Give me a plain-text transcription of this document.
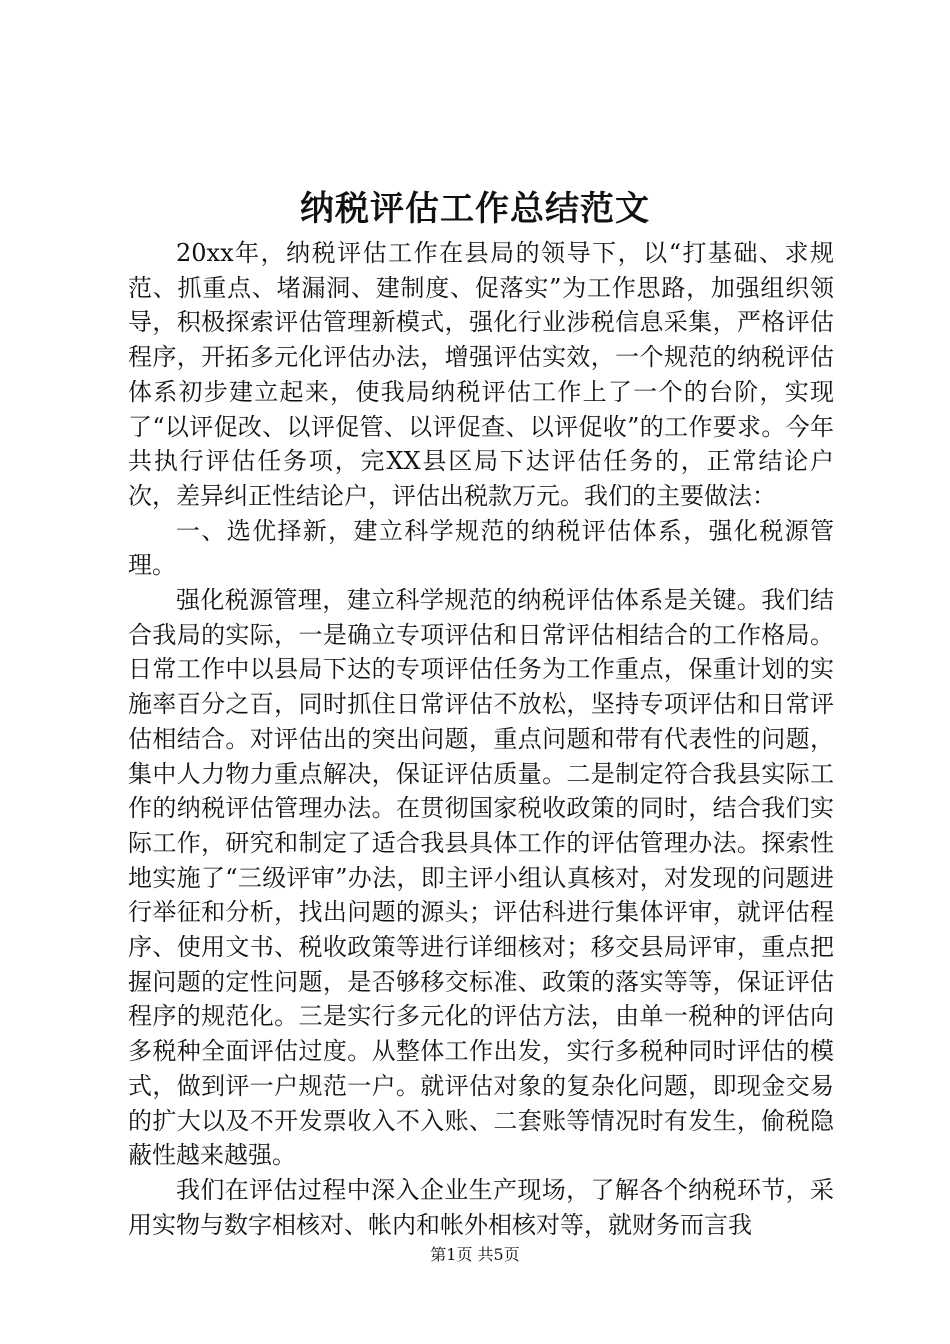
纳税评估工作总结范文

20xx年，纳税评估工作在县局的领导下，以“打基础、求规范、抓重点、堵漏洞、建制度、促落实”为工作思路，加强组织领导，积极探索评估管理新模式，强化行业涉税信息采集，严格评估程序，开拓多元化评估办法，增强评估实效，一个规范的纳税评估体系初步建立起来，使我局纳税评估工作上了一个的台阶，实现了“以评促改、以评促管、以评促查、以评促收”的工作要求。今年共执行评估任务项，完XX县区局下达评估任务的，正常结论户次，差异纠正性结论户，评估出税款万元。我们的主要做法：

一、选优择新，建立科学规范的纳税评估体系，强化税源管理。

强化税源管理，建立科学规范的纳税评估体系是关键。我们结合我局的实际，一是确立专项评估和日常评估相结合的工作格局。日常工作中以县局下达的专项评估任务为工作重点，保重计划的实施率百分之百，同时抓住日常评估不放松，坚持专项评估和日常评估相结合。对评估出的突出问题，重点问题和带有代表性的问题，集中人力物力重点解决，保证评估质量。二是制定符合我县实际工作的纳税评估管理办法。在贯彻国家税收政策的同时，结合我们实际工作，研究和制定了适合我县具体工作的评估管理办法。探索性地实施了“三级评审”办法，即主评小组认真核对，对发现的问题进行举征和分析，找出问题的源头；评估科进行集体评审，就评估程序、使用文书、税收政策等进行详细核对；移交县局评审，重点把握问题的定性问题，是否够移交标准、政策的落实等等，保证评估程序的规范化。三是实行多元化的评估方法，由单一税种的评估向多税种全面评估过度。从整体工作出发，实行多税种同时评估的模式，做到评一户规范一户。就评估对象的复杂化问题，即现金交易的扩大以及不开发票收入不入账、二套账等情况时有发生，偷税隐蔽性越来越强。

我们在评估过程中深入企业生产现场，了解各个纳税环节，采用实物与数字相核对、帐内和帐外相核对等，就财务而言我

第1页 共5页
